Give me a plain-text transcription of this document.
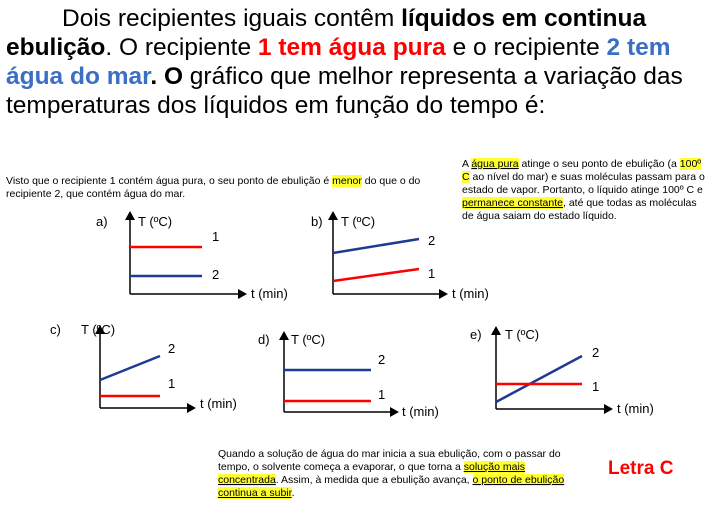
Dois recipientes iguais contêm líquidos em continua ebulição. O recipiente 1 tem água pura e o recipiente 2 tem água do mar. O gráfico que melhor representa a variação das temperaturas dos líquidos em função do tempo é:

Visto que o recipiente 1 contém água pura, o seu ponto de ebulição é menor do que o do recipiente 2, que contém água do mar.

A água pura atinge o seu ponto de ebulição (a 100º C ao nível do mar) e suas moléculas passam para o estado de vapor. Portanto, o líquido atinge 100º C e permanece constante, até que todas as moléculas de água saiam do estado líquido.

a) T (ºC)
t (min)
1
2
b) T (ºC)
t (min)
2
1
c) T (ºC)
t (min)
2
1
d) T (ºC)
t (min)
2
1
e) T (ºC)
t (min)
2
1

Quando a solução de água do mar inicia a sua ebulição, com o passar do tempo, o solvente começa a evaporar, o que torna a solução mais concentrada. Assim, à medida que a ebulição avança, o ponto de ebulição continua a subir.

Letra C
